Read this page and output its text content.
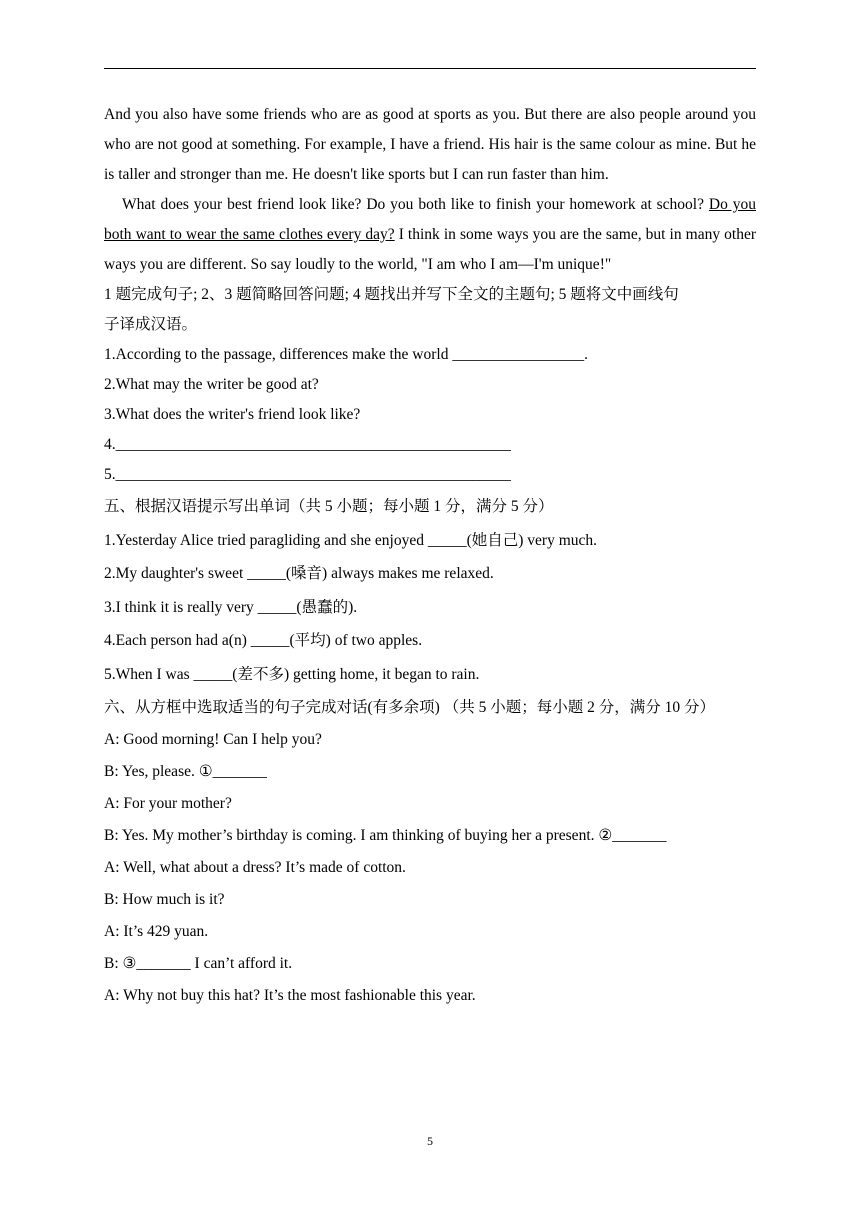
And you also have some friends who are as good at sports as you. But there are also people around you who are not good at something. For example, I have a friend. His hair is the same colour as mine. But he is taller and stronger than me. He doesn't like sports but I can run faster than him.

What does your best friend look like? Do you both like to finish your homework at school? Do you both want to wear the same clothes every day? I think in some ways you are the same, but in many other ways you are different. So say loudly to the world, "I am who I am—I'm unique!"

1 题完成句子; 2、3 题简略回答问题; 4 题找出并写下全文的主题句; 5 题将文中画线句

子译成汉语。

1.According to the passage, differences make the world _________________.

2.What may the writer be good at?

3.What does the writer's friend look like?

4.___________________________________________________

5.___________________________________________________

五、根据汉语提示写出单词（共 5 小题；每小题 1 分，满分 5 分）

1.Yesterday Alice tried paragliding and she enjoyed _____(她自己) very much.

2.My daughter's sweet _____(嗓音) always makes me relaxed.

3.I think it is really very _____(愚蠢的).

4.Each person had a(n) _____(平均) of two apples.

5.When I was _____(差不多) getting home, it began to rain.

六、从方框中选取适当的句子完成对话(有多余项) （共 5 小题；每小题 2 分，满分 10 分）

A: Good morning! Can I help you?

B: Yes, please. ①_______

A: For your mother?

B: Yes. My mother’s birthday is coming. I am thinking of buying her a present. ②_______

A: Well, what about a dress? It’s made of cotton.

B: How much is it?

A: It’s 429 yuan.

B: ③_______ I can’t afford it.

A: Why not buy this hat? It’s the most fashionable this year.

5
